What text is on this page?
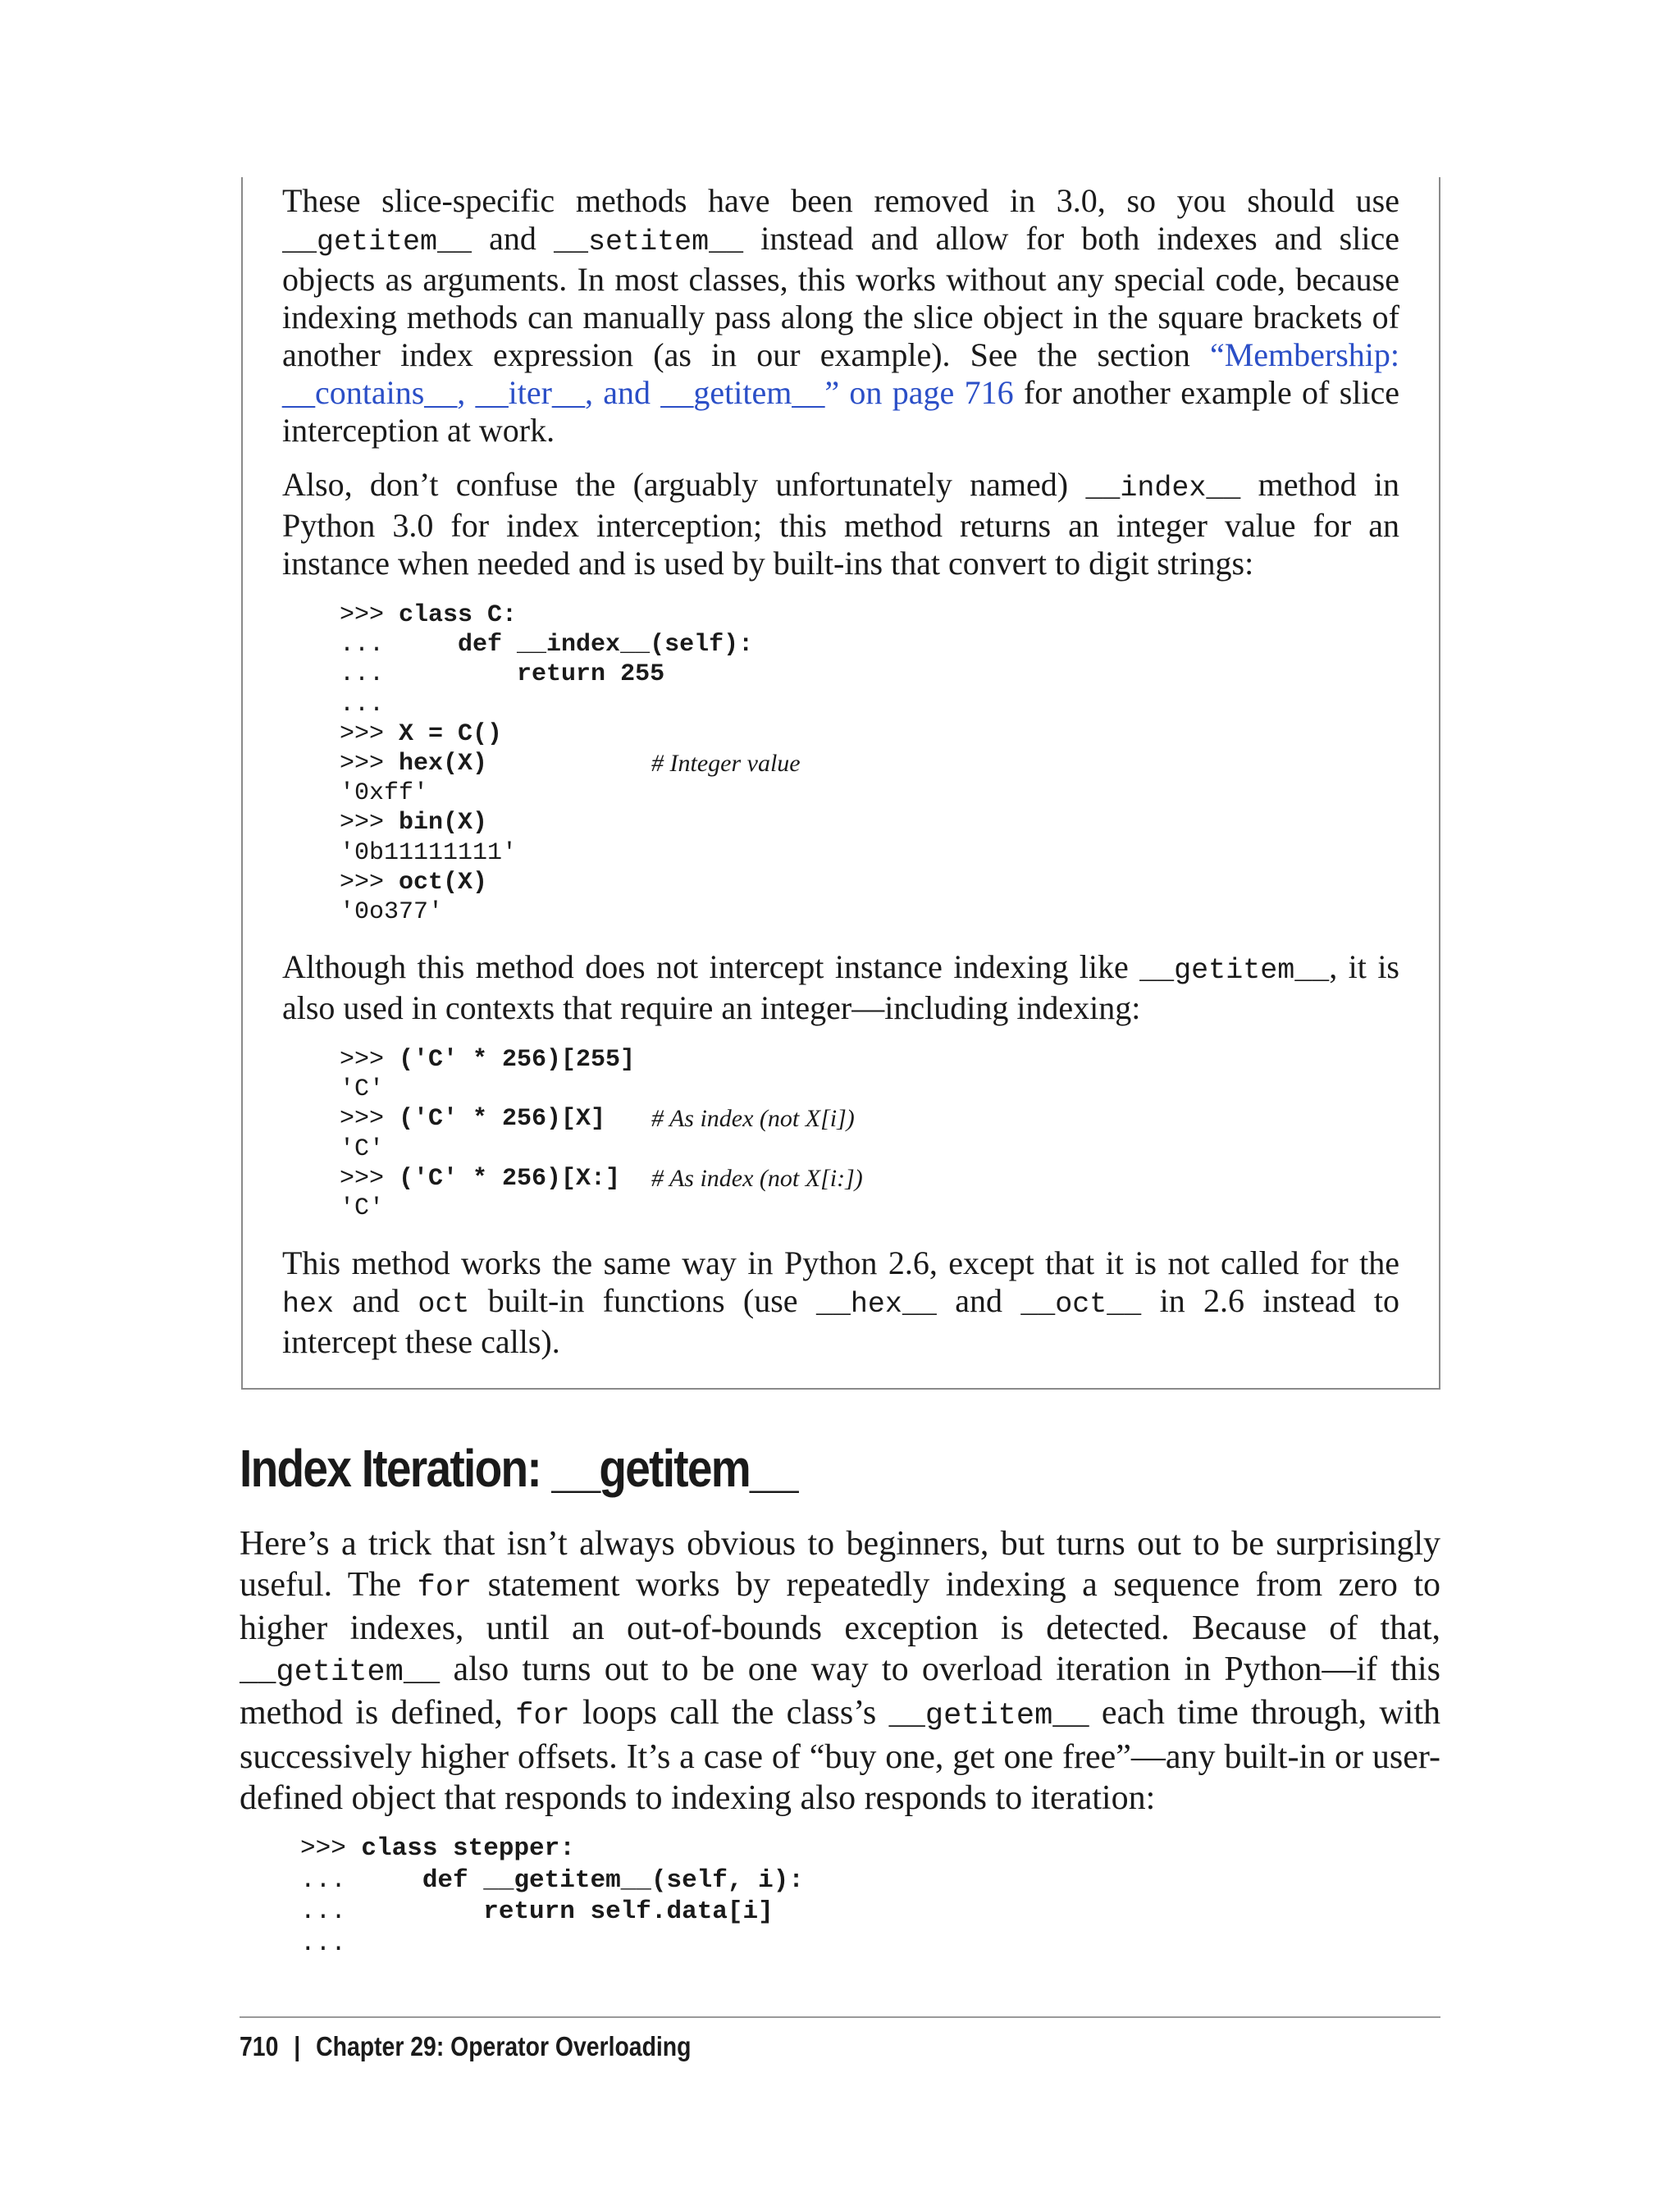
These slice-specific methods have been removed in 3.0, so you should use __getitem__ and __setitem__ instead and allow for both indexes and slice objects as arguments. In most classes, this works without any special code, because indexing methods can manually pass along the slice object in the square brackets of another index expression (as in our example). See the section “Membership: __contains__, __iter__, and __getitem__” on page 716 for another example of slice interception at work.

Also, don’t confuse the (arguably unfortunately named) __index__ method in Python 3.0 for index interception; this method returns an integer value for an instance when needed and is used by built-ins that convert to digit strings:

>>> class C:
...     def __index__(self):
...         return 255
...
>>> X = C()
>>> hex(X)	# Integer value
'0xff'
>>> bin(X)
'0b11111111'
>>> oct(X)
'0o377'

Although this method does not intercept instance indexing like __getitem__, it is also used in contexts that require an integer—including indexing:

>>> ('C' * 256)[255]
'C'
>>> ('C' * 256)[X] # As index (not X[i])
'C'
>>> ('C' * 256)[X:] # As index (not X[i:])
'C'

This method works the same way in Python 2.6, except that it is not called for the hex and oct built-in functions (use __hex__ and __oct__ in 2.6 instead to intercept these calls).

Index Iteration: __getitem__

Here’s a trick that isn’t always obvious to beginners, but turns out to be surprisingly useful. The for statement works by repeatedly indexing a sequence from zero to higher indexes, until an out-of-bounds exception is detected. Because of that, __getitem__ also turns out to be one way to overload iteration in Python—if this method is defined, for loops call the class’s __getitem__ each time through, with successively higher offsets. It’s a case of “buy one, get one free”—any built-in or user-defined object that responds to indexing also responds to iteration:

>>> class stepper:
...     def __getitem__(self, i):
...         return self.data[i]
...
710 | Chapter 29: Operator Overloading
